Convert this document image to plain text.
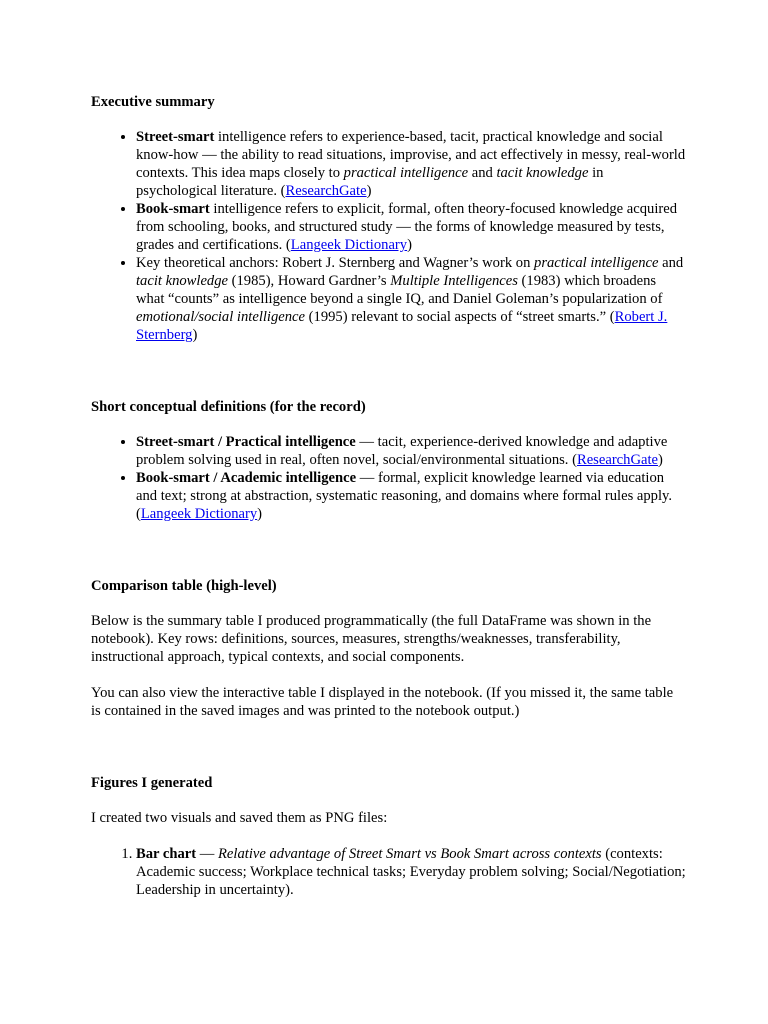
Executive summary
• Street-smart intelligence refers to experience-based, tacit, practical knowledge and social know-how — the ability to read situations, improvise, and act effectively in messy, real-world contexts. This idea maps closely to practical intelligence and tacit knowledge in psychological literature. (ResearchGate)
• Book-smart intelligence refers to explicit, formal, often theory-focused knowledge acquired from schooling, books, and structured study — the forms of knowledge measured by tests, grades and certifications. (Langeek Dictionary)
• Key theoretical anchors: Robert J. Sternberg and Wagner’s work on practical intelligence and tacit knowledge (1985), Howard Gardner’s Multiple Intelligences (1983) which broadens what “counts” as intelligence beyond a single IQ, and Daniel Goleman’s popularization of emotional/social intelligence (1995) relevant to social aspects of “street smarts.” (Robert J. Sternberg)
Short conceptual definitions (for the record)
• Street-smart / Practical intelligence — tacit, experience-derived knowledge and adaptive problem solving used in real, often novel, social/environmental situations. (ResearchGate)
• Book-smart / Academic intelligence — formal, explicit knowledge learned via education and text; strong at abstraction, systematic reasoning, and domains where formal rules apply. (Langeek Dictionary)
Comparison table (high-level)

Below is the summary table I produced programmatically (the full DataFrame was shown in the notebook). Key rows: definitions, sources, measures, strengths/weaknesses, transferability, instructional approach, typical contexts, and social components.

You can also view the interactive table I displayed in the notebook. (If you missed it, the same table is contained in the saved images and was printed to the notebook output.)

Figures I generated

I created two visuals and saved them as PNG files:

1. Bar chart — Relative advantage of Street Smart vs Book Smart across contexts (contexts: Academic success; Workplace technical tasks; Everyday problem solving; Social/Negotiation; Leadership in uncertainty).
